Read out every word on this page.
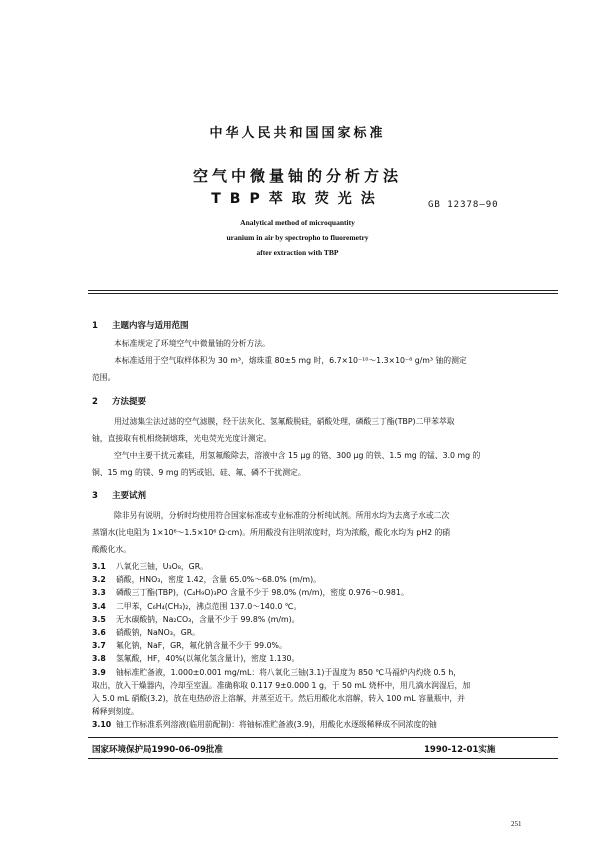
中华人民共和国国家标准
空气中微量铀的分析方法
TBP萃取荧光法	GB 12378—90
Analytical method of microquantity
uranium in air by spectropho to fluoremetry
after extraction with TBP
1 主题内容与适用范围
本标准规定了环境空气中微量铀的分析方法。
本标准适用于空气取样体积为 30 m³，熔珠重 80±5 mg 时，6.7×10⁻¹⁰～1.3×10⁻⁸ g/m³ 铀的测定
范围。
2 方法提要
用过滤集尘法过滤的空气滤膜，经干法灰化、氢氟酸脱硅，硝酸处理，磷酸三丁酯(TBP)二甲苯萃取
铀，直接取有机相烧制熔珠，光电荧光光度计测定。
空气中主要干扰元素硅，用氢氟酸除去，溶液中含 15 μg 的铬、300 μg 的铁、1.5 mg 的锰、3.0 mg 的
铜、15 mg 的镁、9 mg 的钙或铝、硅、氟、磷不干扰测定。
3 主要试剂
除非另有说明，分析时均使用符合国家标准或专业标准的分析纯试剂。所用水均为去离子水或二次
蒸馏水(比电阻为 1×10⁶～1.5×10⁶ Ω·cm)。所用酸没有注明浓度时，均为浓酸，酸化水均为 pH2 的硝
酸酸化水。
3.1 八氧化三铀，U₃O₈，GR。
3.2 硝酸，HNO₃，密度 1.42，含量 65.0%～68.0% (m/m)。
3.3 磷酸三丁酯(TBP)，(C₄H₉O)₃PO 含量不少于 98.0% (m/m)，密度 0.976～0.981。
3.4 二甲苯，C₆H₄(CH₃)₂，沸点范围 137.0～140.0 ℃。
3.5 无水碳酸钠，Na₂CO₃，含量不少于 99.8% (m/m)。
3.6 硝酸钠，NaNO₃，GR。
3.7 氟化钠，NaF，GR，氟化钠含量不少于 99.0%。
国家环境保护局1990-06-09批准	1990-12-01实施
251
3.8 氢氟酸，HF，40%(以氟化氢含量计)，密度 1.130。
3.9 铀标准贮备液，1.000±0.001 mg/mL：将八氧化三铀(3.1)于温度为 850 ℃马福炉内灼烧 0.5 h，
取出，放入干燥器内，冷却至室温。准确称取 0.117 9±0.000 1 g，于 50 mL 烧杯中，用几滴水润湿后，加
入 5.0 mL 硝酸(3.2)，放在电热砂浴上溶解，并蒸至近干。然后用酸化水溶解，转入 100 mL 容量瓶中，并
稀释到刻度。
3.10 铀工作标准系列溶液(临用前配制)：将铀标准贮备液(3.9)，用酸化水逐级稀释成不同浓度的铀
